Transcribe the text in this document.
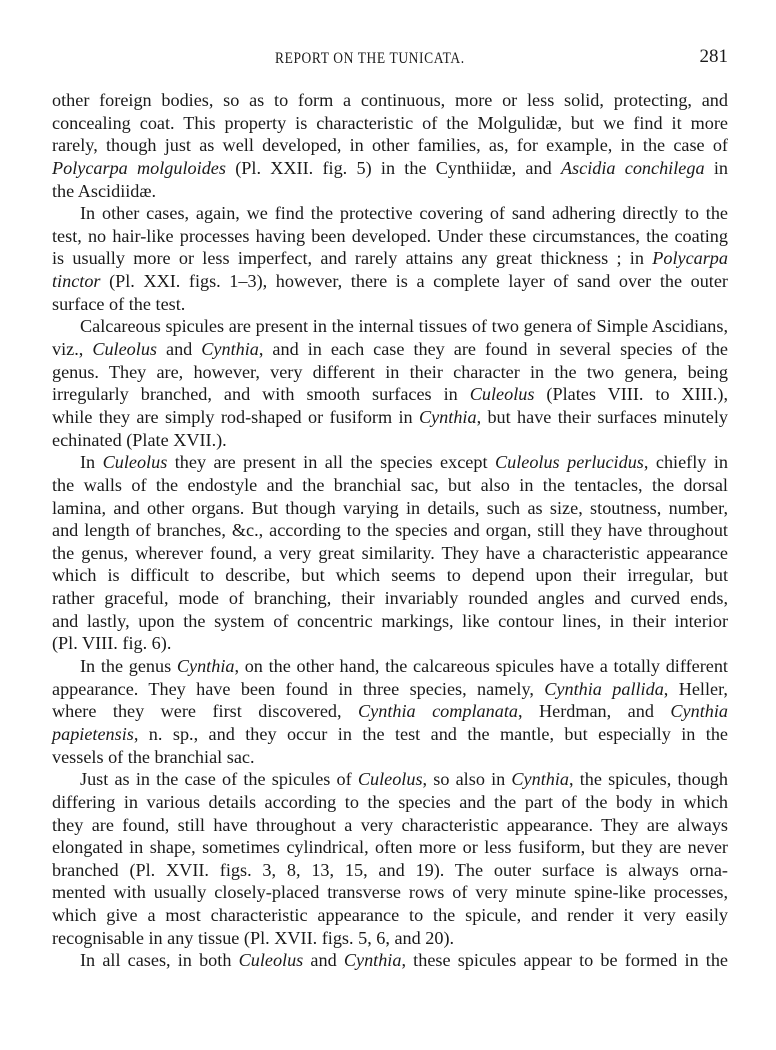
REPORT ON THE TUNICATA.	281
other foreign bodies, so as to form a continuous, more or less solid, protecting, and
concealing coat. This property is characteristic of the Molgulidæ, but we find it more
rarely, though just as well developed, in other families, as, for example, in the case of
Polycarpa molguloides (Pl. XXII. fig. 5) in the Cynthiidæ, and Ascidia conchilega in
the Ascidiidæ.
In other cases, again, we find the protective covering of sand adhering directly to the
test, no hair-like processes having been developed. Under these circumstances, the coating
is usually more or less imperfect, and rarely attains any great thickness ; in Polycarpa
tinctor (Pl. XXI. figs. 1–3), however, there is a complete layer of sand over the outer
surface of the test.
Calcareous spicules are present in the internal tissues of two genera of Simple Ascidians,
viz., Culeolus and Cynthia, and in each case they are found in several species of the
genus. They are, however, very different in their character in the two genera, being
irregularly branched, and with smooth surfaces in Culeolus (Plates VIII. to XIII.),
while they are simply rod-shaped or fusiform in Cynthia, but have their surfaces minutely
echinated (Plate XVII.).
In Culeolus they are present in all the species except Culeolus perlucidus, chiefly in
the walls of the endostyle and the branchial sac, but also in the tentacles, the dorsal
lamina, and other organs. But though varying in details, such as size, stoutness, number,
and length of branches, &c., according to the species and organ, still they have throughout
the genus, wherever found, a very great similarity. They have a characteristic appearance
which is difficult to describe, but which seems to depend upon their irregular, but
rather graceful, mode of branching, their invariably rounded angles and curved ends,
and lastly, upon the system of concentric markings, like contour lines, in their interior
(Pl. VIII. fig. 6).
In the genus Cynthia, on the other hand, the calcareous spicules have a totally different
appearance. They have been found in three species, namely, Cynthia pallida, Heller,
where they were first discovered, Cynthia complanata, Herdman, and Cynthia
papietensis, n. sp., and they occur in the test and the mantle, but especially in the
vessels of the branchial sac.
Just as in the case of the spicules of Culeolus, so also in Cynthia, the spicules, though
differing in various details according to the species and the part of the body in which
they are found, still have throughout a very characteristic appearance. They are always
elongated in shape, sometimes cylindrical, often more or less fusiform, but they are never
branched (Pl. XVII. figs. 3, 8, 13, 15, and 19). The outer surface is always orna-
mented with usually closely-placed transverse rows of very minute spine-like processes,
which give a most characteristic appearance to the spicule, and render it very easily
recognisable in any tissue (Pl. XVII. figs. 5, 6, and 20).
In all cases, in both Culeolus and Cynthia, these spicules appear to be formed in the
